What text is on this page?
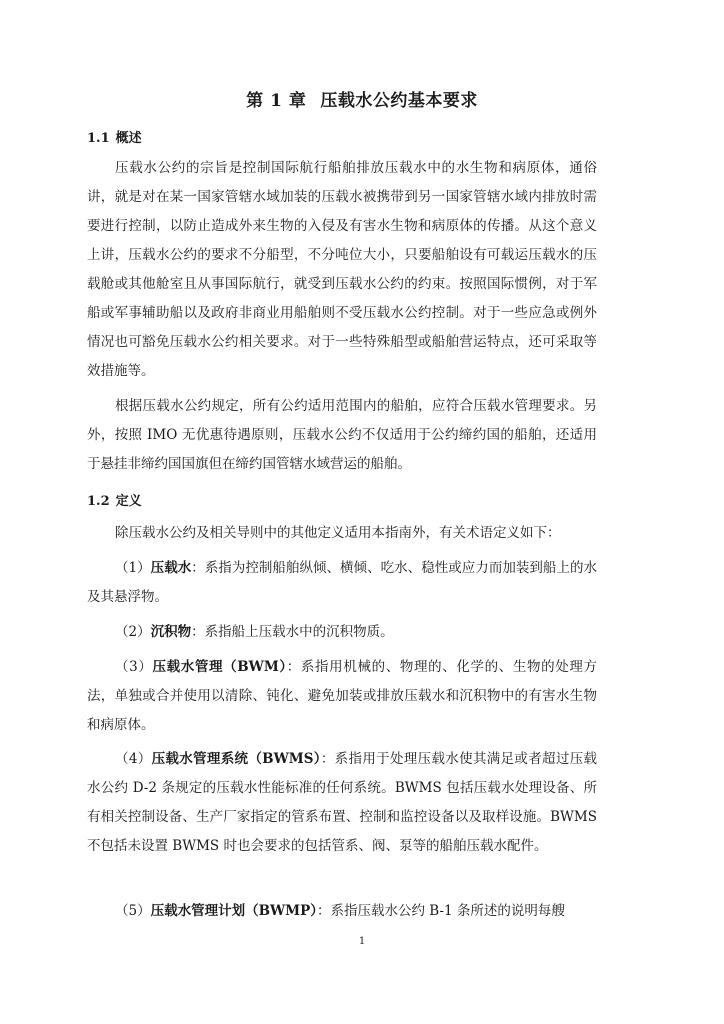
第 1 章 压载水公约基本要求
1.1 概述

压载水公约的宗旨是控制国际航行船舶排放压载水中的水生物和病原体，通俗讲，就是对在某一国家管辖水域加装的压载水被携带到另一国家管辖水域内排放时需要进行控制，以防止造成外来生物的入侵及有害水生物和病原体的传播。从这个意义上讲，压载水公约的要求不分船型，不分吨位大小，只要船舶设有可载运压载水的压载舱或其他舱室且从事国际航行，就受到压载水公约的约束。按照国际惯例，对于军船或军事辅助船以及政府非商业用船舶则不受压载水公约控制。对于一些应急或例外情况也可豁免压载水公约相关要求。对于一些特殊船型或船舶营运特点，还可采取等效措施等。

根据压载水公约规定，所有公约适用范围内的船舶，应符合压载水管理要求。另外，按照 IMO 无优惠待遇原则，压载水公约不仅适用于公约缔约国的船舶，还适用于悬挂非缔约国国旗但在缔约国管辖水域营运的船舶。

1.2 定义

除压载水公约及相关导则中的其他定义适用本指南外，有关术语定义如下：

（1）压载水：系指为控制船舶纵倾、横倾、吃水、稳性或应力而加装到船上的水及其悬浮物。

（2）沉积物：系指船上压载水中的沉积物质。

（3）压载水管理（BWM）：系指用机械的、物理的、化学的、生物的处理方法，单独或合并使用以清除、钝化、避免加装或排放压载水和沉积物中的有害水生物和病原体。

（4）压载水管理系统（BWMS）：系指用于处理压载水使其满足或者超过压载水公约 D-2 条规定的压载水性能标准的任何系统。BWMS 包括压载水处理设备、所有相关控制设备、生产厂家指定的管系布置、控制和监控设备以及取样设施。BWMS 不包括未设置 BWMS 时也会要求的包括管系、阀、泵等的船舶压载水配件。

（5）压载水管理计划（BWMP）：系指压载水公约 B-1 条所述的说明每艘

1
